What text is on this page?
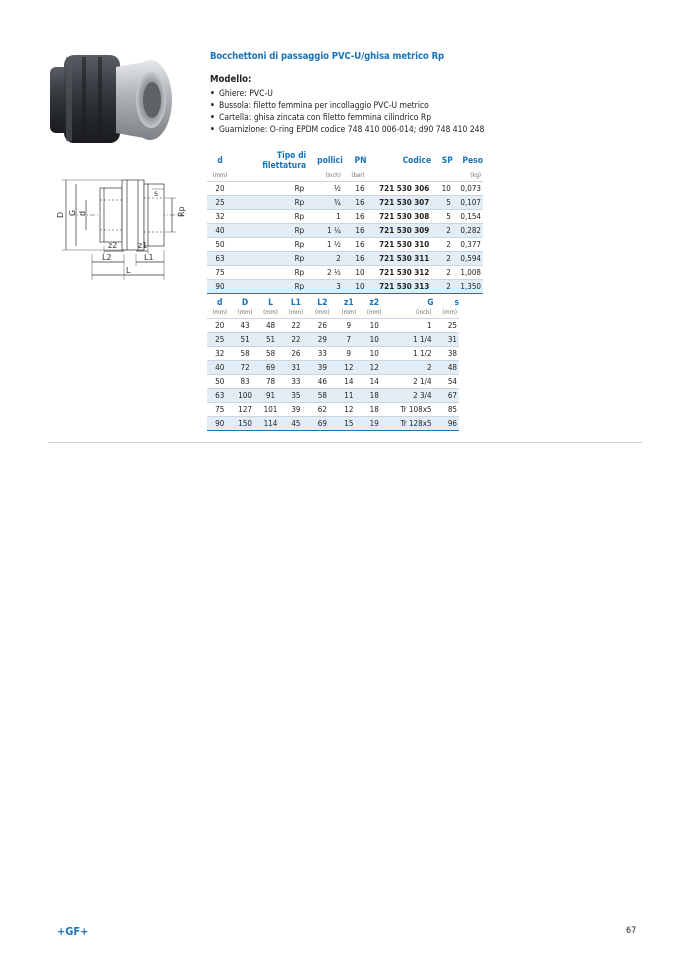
D G d
s
Rp
z2	z1
L2	L1
L
Bocchettoni di passaggio PVC-U/ghisa metrico Rp
Modello:
• Ghiere: PVC-U
• Bussola: filetto femmina per incollaggio PVC-U metrico
• Cartella: ghisa zincata con filetto femmina cilindrico Rp
• Guarnizione: O-ring EPDM codice 748 410 006-014; d90 748 410 248
d	Tipo di filettatura	pollici	PN	Codice	SP	Peso
(mm)		(inch)	(bar)			(kg)
20	Rp	½	16	721 530 306	10	0,073
25	Rp	¾	16	721 530 307	5	0,107
32	Rp	1	16	721 530 308	5	0,154
40	Rp	1 ¼	16	721 530 309	2	0,282
50	Rp	1 ½	16	721 530 310	2	0,377
63	Rp	2	16	721 530 311	2	0,594
75	Rp	2 ½	10	721 530 312	2	1,008
90	Rp	3	10	721 530 313	2	1,350
d	D	L	L1	L2	z1	z2	G	s
(mm)	(mm)	(mm)	(mm)	(mm)	(mm)	(mm)	(inch)	(mm)
20	43	48	22	26	9	10	1	25
25	51	51	22	29	7	10	1 1/4	31
32	58	58	26	33	9	10	1 1/2	38
40	72	69	31	39	12	12	2	48
50	83	78	33	46	14	14	2 1/4	54
63	100	91	35	58	11	18	2 3/4	67
75	127	101	39	62	12	18	Tr 108x5	85
90	150	114	45	69	15	19	Tr 128x5	96
+GF+	67
